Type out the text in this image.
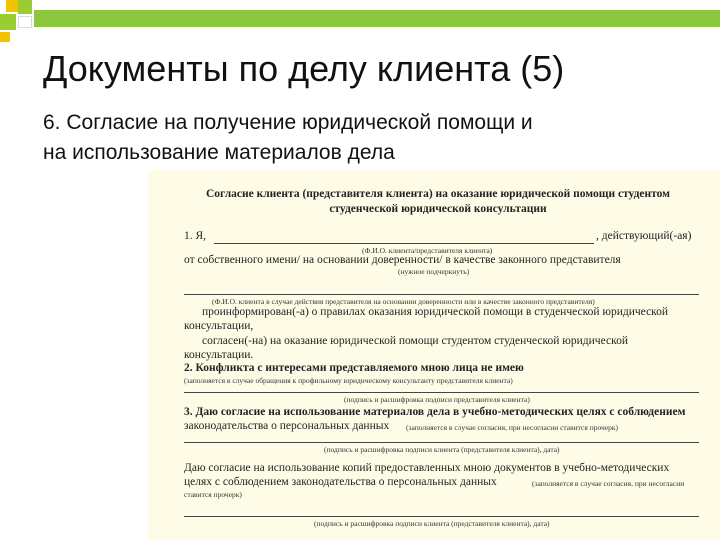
Документы по делу клиента (5)
6. Согласие на получение юридической помощи и
на использование материалов дела
Согласие клиента (представителя клиента) на оказание юридической помощи студентом
студенческой юридической консультации
1. Я,	, действующий(-ая)
(Ф.И.О. клиента/представителя клиента)
от собственного имени/ на основании доверенности/ в качестве законного представителя
(нужное подчеркнуть)
(Ф.И.О. клиента в случае действия представителя на основании доверенности или в качестве законного представителя)
проинформирован(-а) о правилах оказания юридической помощи в студенческой юридической
консультации,
согласен(-на) на оказание юридической помощи студентом студенческой юридической
консультации.
2. Конфликта с интересами представляемого мною лица не имею
(заполняется в случае обращения к профильному юридическому консультанту представителя клиента)
(подпись и расшифровка подписи представителя клиента)
3. Даю согласие на использование материалов дела в учебно-методических целях с соблюдением
законодательства о персональных данных (заполняется в случае согласия, при несогласии ставится прочерк)
(подпись и расшифровка подписи клиента (представителя клиента), дата)
Даю согласие на использование копий предоставленных мною документов в учебно-методических
целях с соблюдением законодательства о персональных данных	(заполняется в случае согласия, при несогласии
ставится прочерк)
(подпись и расшифровка подписи клиента (представителя клиента), дата)
